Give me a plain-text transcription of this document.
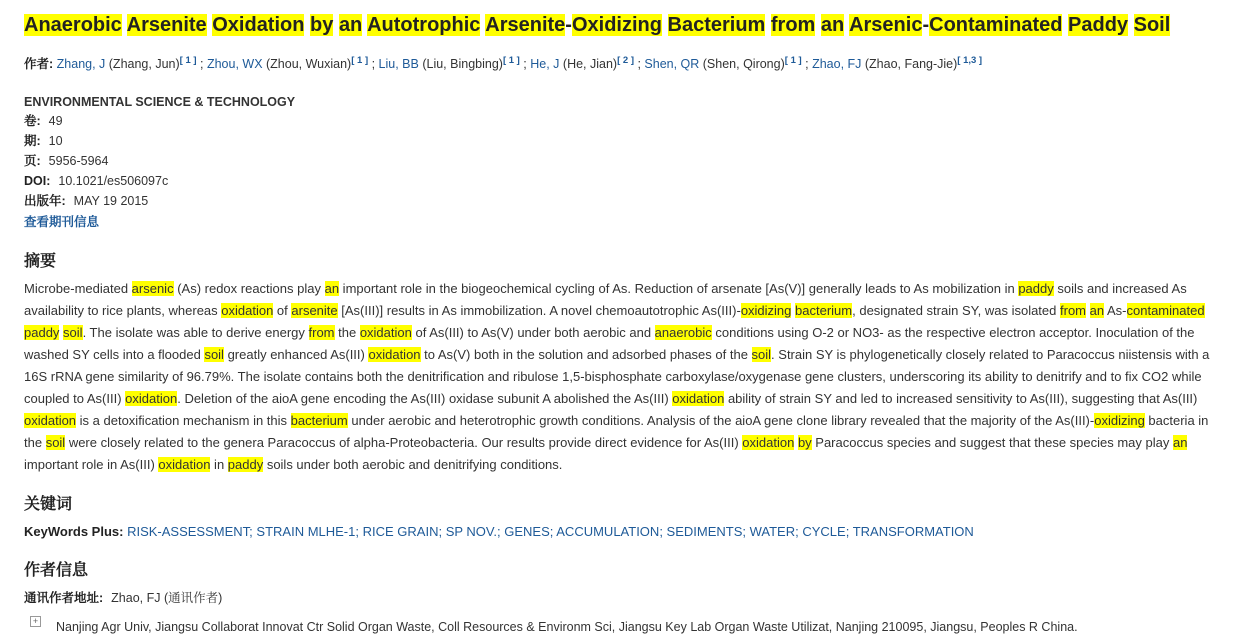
Anaerobic Arsenite Oxidation by an Autotrophic Arsenite-Oxidizing Bacterium from an Arsenic-Contaminated Paddy Soil
作者: Zhang, J (Zhang, Jun)[ 1 ] ; Zhou, WX (Zhou, Wuxian)[ 1 ] ; Liu, BB (Liu, Bingbing)[ 1 ] ; He, J (He, Jian)[ 2 ] ; Shen, QR (Shen, Qirong)[ 1 ] ; Zhao, FJ (Zhao, Fang-Jie)[ 1,3 ]
ENVIRONMENTAL SCIENCE & TECHNOLOGY
卷: 49
期: 10
页: 5956-5964
DOI: 10.1021/es506097c
出版年: MAY 19 2015
查看期刊信息
摘要
Microbe-mediated arsenic (As) redox reactions play an important role in the biogeochemical cycling of As. Reduction of arsenate [As(V)] generally leads to As mobilization in paddy soils and increased As availability to rice plants, whereas oxidation of arsenite [As(III)] results in As immobilization. A novel chemoautotrophic As(III)-oxidizing bacterium, designated strain SY, was isolated from an As-contaminated paddy soil. The isolate was able to derive energy from the oxidation of As(III) to As(V) under both aerobic and anaerobic conditions using O-2 or NO3- as the respective electron acceptor. Inoculation of the washed SY cells into a flooded soil greatly enhanced As(III) oxidation to As(V) both in the solution and adsorbed phases of the soil. Strain SY is phylogenetically closely related to Paracoccus niistensis with a 16S rRNA gene similarity of 96.79%. The isolate contains both the denitrification and ribulose 1,5-bisphosphate carboxylase/oxygenase gene clusters, underscoring its ability to denitrify and to fix CO2 while coupled to As(III) oxidation. Deletion of the aioA gene encoding the As(III) oxidase subunit A abolished the As(III) oxidation ability of strain SY and led to increased sensitivity to As(III), suggesting that As(III) oxidation is a detoxification mechanism in this bacterium under aerobic and heterotrophic growth conditions. Analysis of the aioA gene clone library revealed that the majority of the As(III)-oxidizing bacteria in the soil were closely related to the genera Paracoccus of alpha-Proteobacteria. Our results provide direct evidence for As(III) oxidation by Paracoccus species and suggest that these species may play an important role in As(III) oxidation in paddy soils under both aerobic and denitrifying conditions.
关键词
KeyWords Plus: RISK-ASSESSMENT; STRAIN MLHE-1; RICE GRAIN; SP NOV.; GENES; ACCUMULATION; SEDIMENTS; WATER; CYCLE; TRANSFORMATION
作者信息
通讯作者地址: Zhao, FJ (通讯作者)
+ Nanjing Agr Univ, Jiangsu Collaborat Innovat Ctr Solid Organ Waste, Coll Resources & Environm Sci, Jiangsu Key Lab Organ Waste Utilizat, Nanjing 210095, Jiangsu, Peoples R China.
